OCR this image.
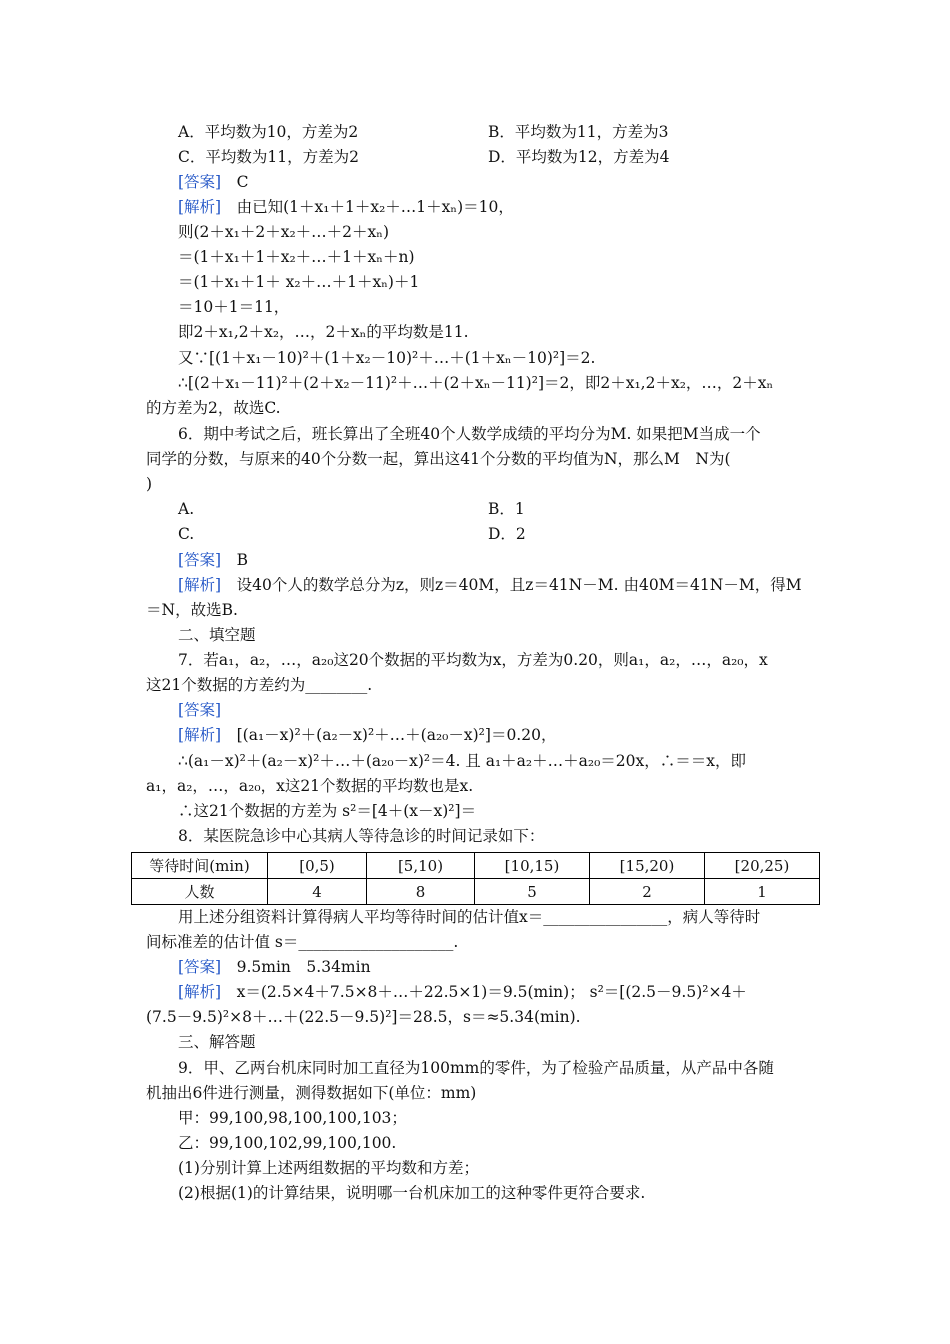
A．平均数为10，方差为2	B．平均数为11，方差为3
C．平均数为11，方差为2	D．平均数为12，方差为4
[答案]　 C
[解析]　 由已知(1＋x₁＋1＋x₂＋…1＋xₙ)＝10，
则(2＋x₁＋2＋x₂＋…＋2＋xₙ)
＝(1＋x₁＋1＋x₂＋…＋1＋xₙ＋n)
＝(1＋x₁＋1＋ x₂＋…＋1＋xₙ)＋1
＝10＋1＝11，
即2＋x₁,2＋x₂，…，2＋xₙ的平均数是11.
又∵[(1＋x₁－10)²＋(1＋x₂－10)²＋…＋(1＋xₙ－10)²]＝2.
∴[(2＋x₁－11)²＋(2＋x₂－11)²＋…＋(2＋xₙ－11)²]＝2，即2＋x₁,2＋x₂，…，2＋xₙ
的方差为2，故选C.
6．期中考试之后，班长算出了全班40个人数学成绩的平均分为M. 如果把M当成一个
同学的分数，与原来的40个分数一起，算出这41个分数的平均值为N，那么M　N为(
)
A.	B．1
C.	D．2
[答案]　 B
[解析]　 设40个人的数学总分为z，则z＝40M，且z＝41N－M. 由40M＝41N－M，得M
＝N，故选B.
二、填空题
7．若a₁，a₂，…，a₂₀这20个数据的平均数为x，方差为0.20，则a₁，a₂，…，a₂₀，x
这21个数据的方差约为________.
[答案]
[解析]　 [(a₁－x)²＋(a₂－x)²＋…＋(a₂₀－x)²]＝0.20，
∴(a₁－x)²＋(a₂－x)²＋…＋(a₂₀－x)²＝4. 且 a₁＋a₂＋…＋a₂₀＝20x，∴＝＝x，即
a₁，a₂，…，a₂₀，x这21个数据的平均数也是x.
∴这21个数据的方差为 s²＝[4＋(x－x)²]＝
8．某医院急诊中心其病人等待急诊的时间记录如下：
等待时间(min)	[0,5)	[5,10)	[10,15)	[15,20)	[20,25)
人数	4	8	5	2	1
用上述分组资料计算得病人平均等待时间的估计值x＝________________，病人等待时
间标准差的估计值 s＝____________________.
[答案]　 9.5min　5.34min
[解析]　 x＝(2.5×4＋7.5×8＋…＋22.5×1)＝9.5(min)； s²＝[(2.5－9.5)²×4＋
(7.5－9.5)²×8＋…＋(22.5－9.5)²]＝28.5，s＝≈5.34(min).
三、解答题
9．甲、乙两台机床同时加工直径为100mm的零件，为了检验产品质量，从产品中各随
机抽出6件进行测量，测得数据如下(单位：mm)
甲：99,100,98,100,100,103；
乙：99,100,102,99,100,100.
(1)分别计算上述两组数据的平均数和方差；
(2)根据(1)的计算结果，说明哪一台机床加工的这种零件更符合要求.
